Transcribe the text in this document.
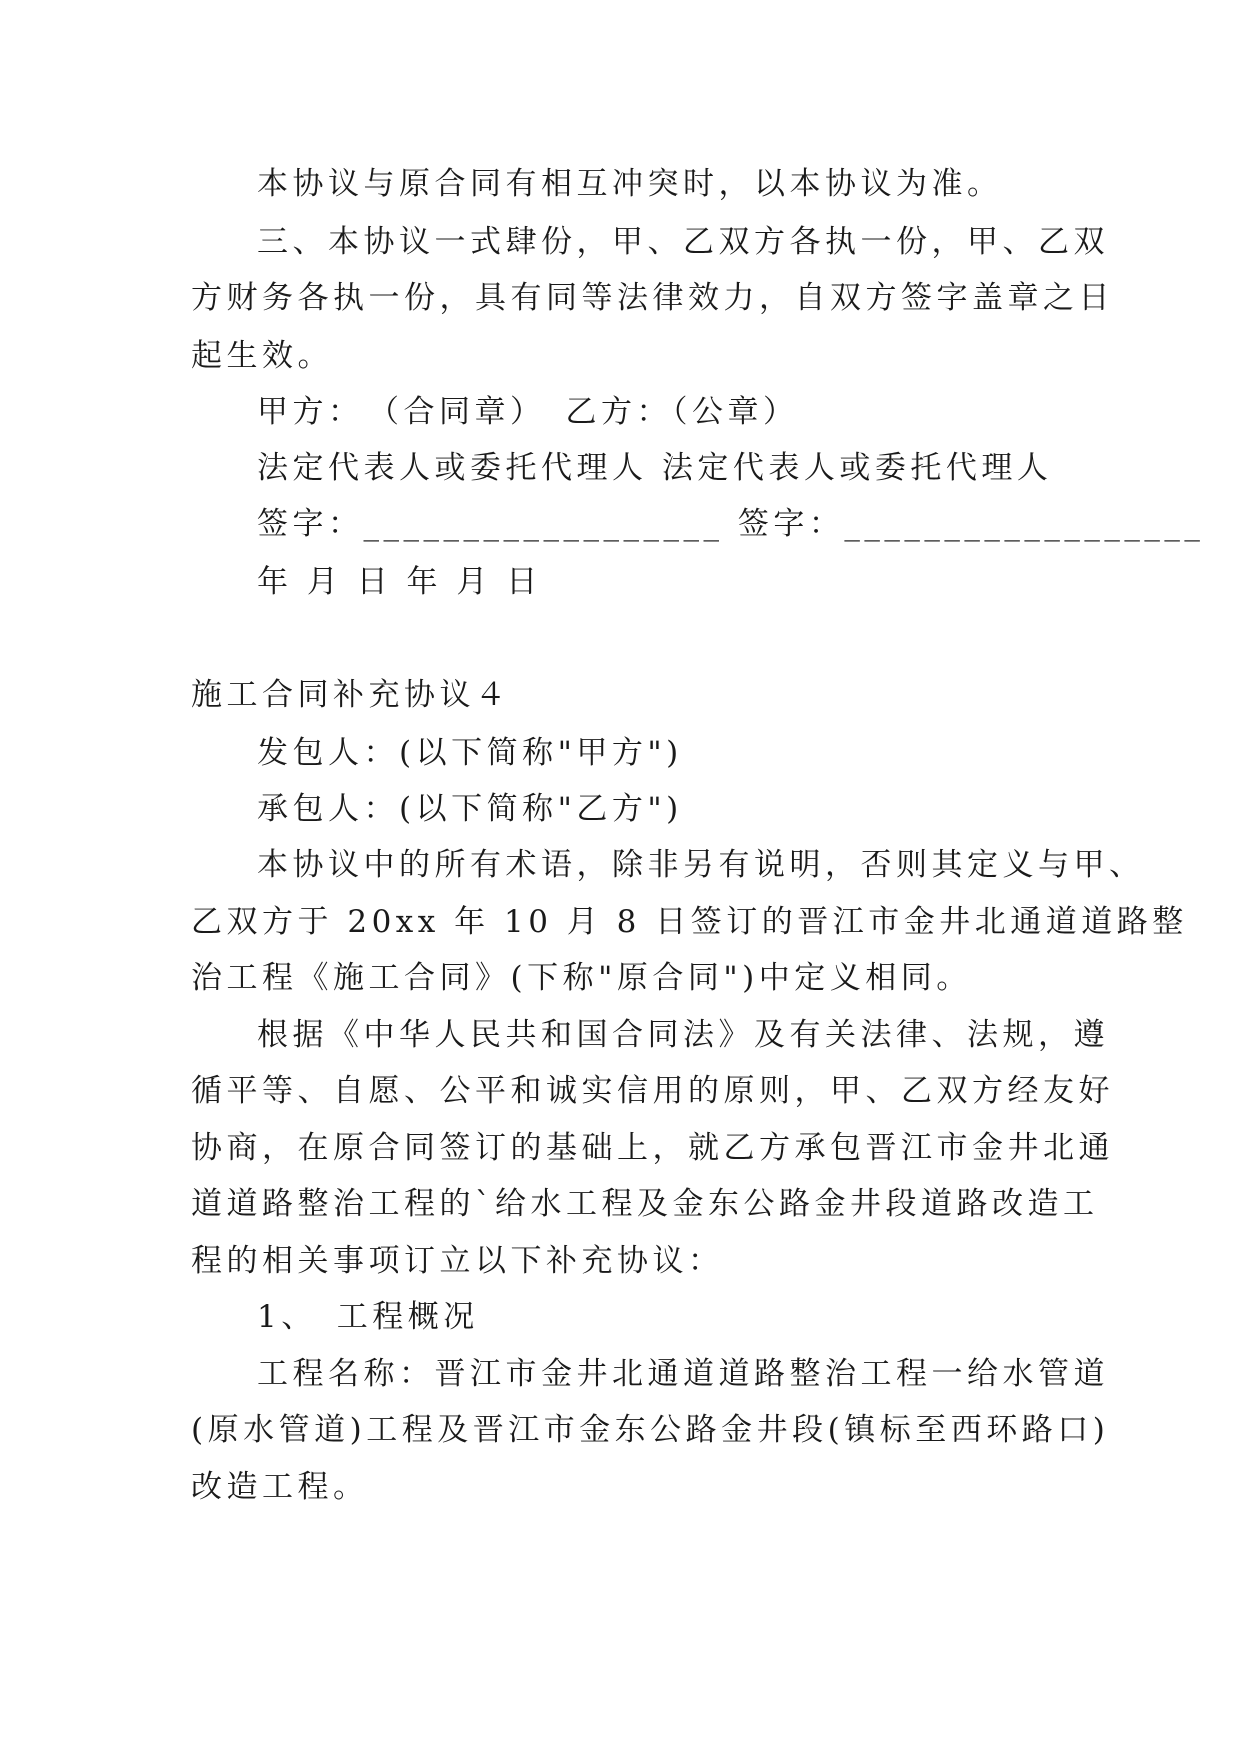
本协议与原合同有相互冲突时，以本协议为准。
三、本协议一式肆份，甲、乙双方各执一份，甲、乙双
方财务各执一份，具有同等法律效力，自双方签字盖章之日
起生效。
甲方：　（合同章）　乙方：（公章）
法定代表人或委托代理人 法定代表人或委托代理人
签字：__________________ 签字：__________________
年 月 日 年 月 日
施工合同补充协议４
发包人：(以下简称"甲方")
承包人：(以下简称"乙方")
本协议中的所有术语，除非另有说明，否则其定义与甲、
乙双方于 20xx 年 10 月 8 日签订的晋江市金井北通道道路整
治工程《施工合同》(下称"原合同")中定义相同。
根据《中华人民共和国合同法》及有关法律、法规，遵
循平等、自愿、公平和诚实信用的原则，甲、乙双方经友好
协商，在原合同签订的基础上，就乙方承包晋江市金井北通
道道路整治工程的`给水工程及金东公路金井段道路改造工
程的相关事项订立以下补充协议：
1、　工程概况
工程名称：晋江市金井北通道道路整治工程一给水管道
(原水管道)工程及晋江市金东公路金井段(镇标至西环路口)
改造工程。
